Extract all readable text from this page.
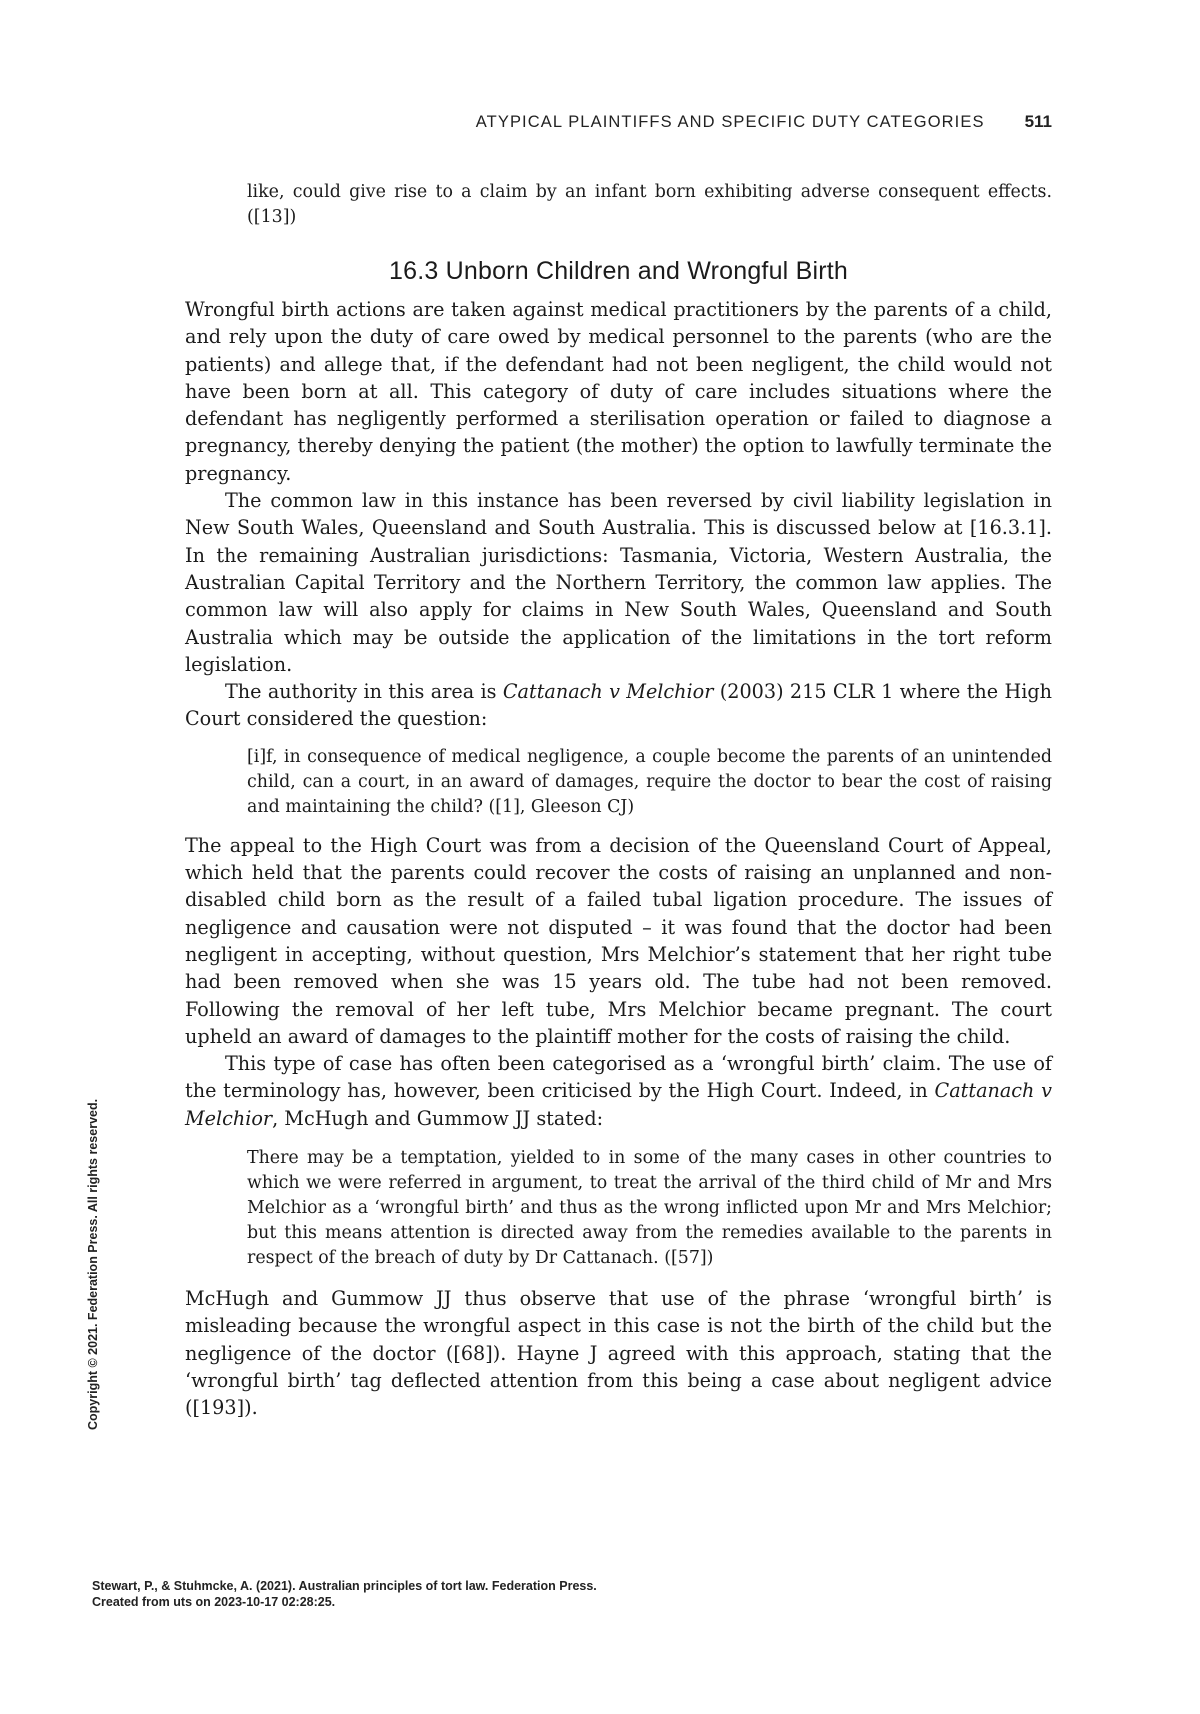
ATYPICAL PLAINTIFFS AND SPECIFIC DUTY CATEGORIES 511

like, could give rise to a claim by an infant born exhibiting adverse consequent effects. ([13])

16.3 Unborn Children and Wrongful Birth

Wrongful birth actions are taken against medical practitioners by the parents of a child, and rely upon the duty of care owed by medical personnel to the parents (who are the patients) and allege that, if the defendant had not been negligent, the child would not have been born at all. This category of duty of care includes situations where the defendant has negligently performed a sterilisation operation or failed to diagnose a pregnancy, thereby denying the patient (the mother) the option to lawfully terminate the pregnancy.

The common law in this instance has been reversed by civil liability legislation in New South Wales, Queensland and South Australia. This is discussed below at [16.3.1]. In the remaining Australian jurisdictions: Tasmania, Victoria, Western Australia, the Australian Capital Territory and the Northern Territory, the common law applies. The common law will also apply for claims in New South Wales, Queensland and South Australia which may be outside the application of the limitations in the tort reform legislation.

The authority in this area is Cattanach v Melchior (2003) 215 CLR 1 where the High Court considered the question:

[i]f, in consequence of medical negligence, a couple become the parents of an unintended child, can a court, in an award of damages, require the doctor to bear the cost of raising and maintaining the child? ([1], Gleeson CJ)

The appeal to the High Court was from a decision of the Queensland Court of Appeal, which held that the parents could recover the costs of raising an unplanned and non-disabled child born as the result of a failed tubal ligation procedure. The issues of negligence and causation were not disputed – it was found that the doctor had been negligent in accepting, without question, Mrs Melchior’s statement that her right tube had been removed when she was 15 years old. The tube had not been removed. Following the removal of her left tube, Mrs Melchior became pregnant. The court upheld an award of damages to the plaintiff mother for the costs of raising the child.

This type of case has often been categorised as a ‘wrongful birth’ claim. The use of the terminology has, however, been criticised by the High Court. Indeed, in Cattanach v Melchior, McHugh and Gummow JJ stated:

There may be a temptation, yielded to in some of the many cases in other countries to which we were referred in argument, to treat the arrival of the third child of Mr and Mrs Melchior as a ‘wrongful birth’ and thus as the wrong inflicted upon Mr and Mrs Melchior; but this means attention is directed away from the remedies available to the parents in respect of the breach of duty by Dr Cattanach. ([57])

McHugh and Gummow JJ thus observe that use of the phrase ‘wrongful birth’ is misleading because the wrongful aspect in this case is not the birth of the child but the negligence of the doctor ([68]). Hayne J agreed with this approach, stating that the ‘wrongful birth’ tag deflected attention from this being a case about negligent advice ([193]).

Copyright © 2021. Federation Press. All rights reserved.
Stewart, P., & Stuhmcke, A. (2021). Australian principles of tort law. Federation Press.
Created from uts on 2023-10-17 02:28:25.
